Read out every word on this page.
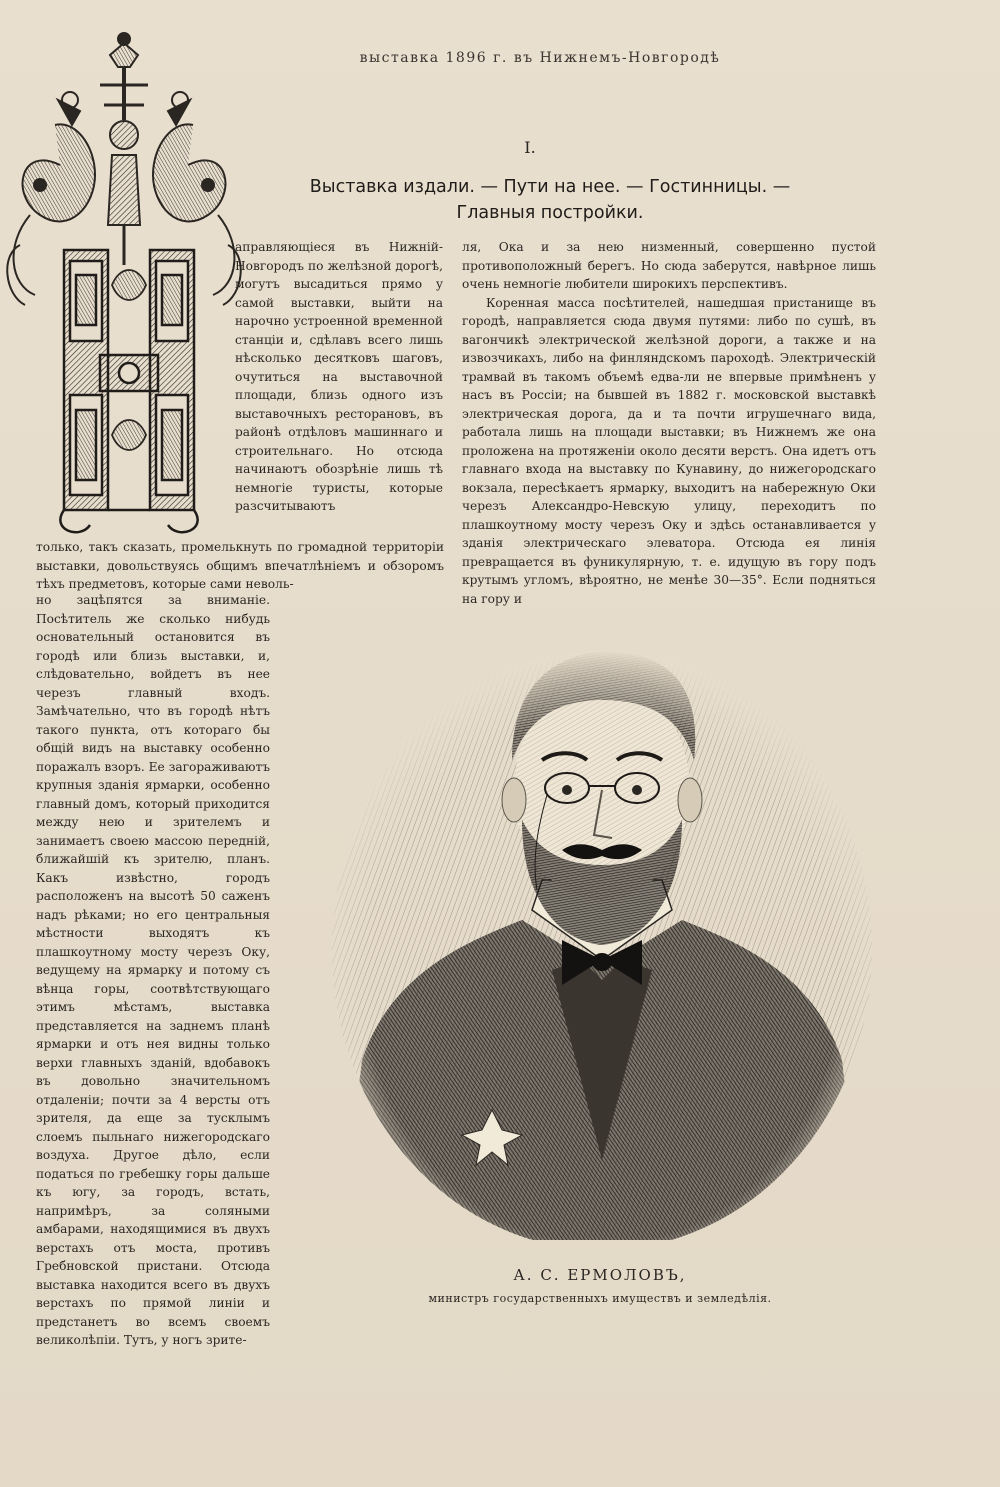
выставка 1896 г. въ Нижнемъ-Новгородѣ
I.
Выставка издали. — Пути на нее. — Гостинницы. —
Главныя постройки.

аправляющіеся въ Нижній-Новгородъ по желѣзной дорогѣ, могутъ высадиться прямо у самой выставки, выйти на нарочно устроенной временной станціи и, сдѣлавъ всего лишь нѣсколько десятковъ шаговъ, очутиться на выставочной площади, близь одного изъ выставочныхъ ресторановъ, въ районѣ отдѣловъ машиннаго и строительнаго. Но отсюда начинаютъ обозрѣніе лишь тѣ немногіе туристы, которые разсчитываютъ

только, такъ сказать, промелькнуть по громадной территоріи выставки, довольствуясь общимъ впечатлѣніемъ и обзоромъ тѣхъ предметовъ, которые сами неволь-

но зацѣпятся за вниманіе. Посѣтитель же сколько нибудь основательный остановится въ городѣ или близь выставки, и, слѣдовательно, войдетъ въ нее черезъ главный входъ. Замѣчательно, что въ городѣ нѣтъ такого пункта, отъ котораго бы общій видъ на выставку особенно поражалъ взоръ. Ее загораживаютъ крупныя зданія ярмарки, особенно главный домъ, который приходится между нею и зрителемъ и занимаетъ своею массою передній, ближайшій къ зрителю, планъ. Какъ извѣстно, городъ расположенъ на высотѣ 50 саженъ надъ рѣками; но его центральныя мѣстности выходятъ къ плашкоутному мосту черезъ Оку, ведущему на ярмарку и потому съ вѣнца горы, соотвѣтствующаго этимъ мѣстамъ, выставка представляется на заднемъ планѣ ярмарки и отъ нея видны только верхи главныхъ зданій, вдобавокъ въ довольно значительномъ отдаленіи; почти за 4 версты отъ зрителя, да еще за тусклымъ слоемъ пыльнаго нижегородскаго воздуха. Другое дѣло, если податься по гребешку горы дальше къ югу, за городъ, встать, напримѣръ, за соляными амбарами, находящимися въ двухъ верстахъ отъ моста, противъ Гребновской пристани. Отсюда выставка находится всего въ двухъ верстахъ по прямой линіи и предстанетъ во всемъ своемъ великолѣпіи. Тутъ, у ногъ зрите-

ля, Ока и за нею низменный, совершенно пустой противоположный берегъ. Но сюда заберутся, навѣрное лишь очень немногіе любители широкихъ перспективъ.

Коренная масса посѣтителей, нашедшая пристанище въ городѣ, направляется сюда двумя путями: либо по сушѣ, въ вагончикѣ электрической желѣзной дороги, а также и на извозчикахъ, либо на финляндскомъ пароходѣ. Электрическій трамвай въ такомъ объемѣ едва-ли не впервые примѣненъ у насъ въ Россіи; на бывшей въ 1882 г. московской выставкѣ электрическая дорога, да и та почти игрушечнаго вида, работала лишь на площади выставки; въ Нижнемъ же она проложена на протяженіи около десяти верстъ. Она идетъ отъ главнаго входа на выставку по Кунавину, до нижегородскаго вокзала, пересѣкаетъ ярмарку, выходитъ на набережную Оки черезъ Александро-Невскую улицу, переходитъ по плашкоутному мосту черезъ Оку и здѣсь останавливается у зданія электрическаго элеватора. Отсюда ея линія превращается въ фуникулярную, т. е. идущую въ гору подъ крутымъ угломъ, вѣроятно, не менѣе 30—35°. Если подняться на гору и

А. С. ЕРМОЛОВЪ,
министръ государственныхъ имуществъ и земледѣлія.
